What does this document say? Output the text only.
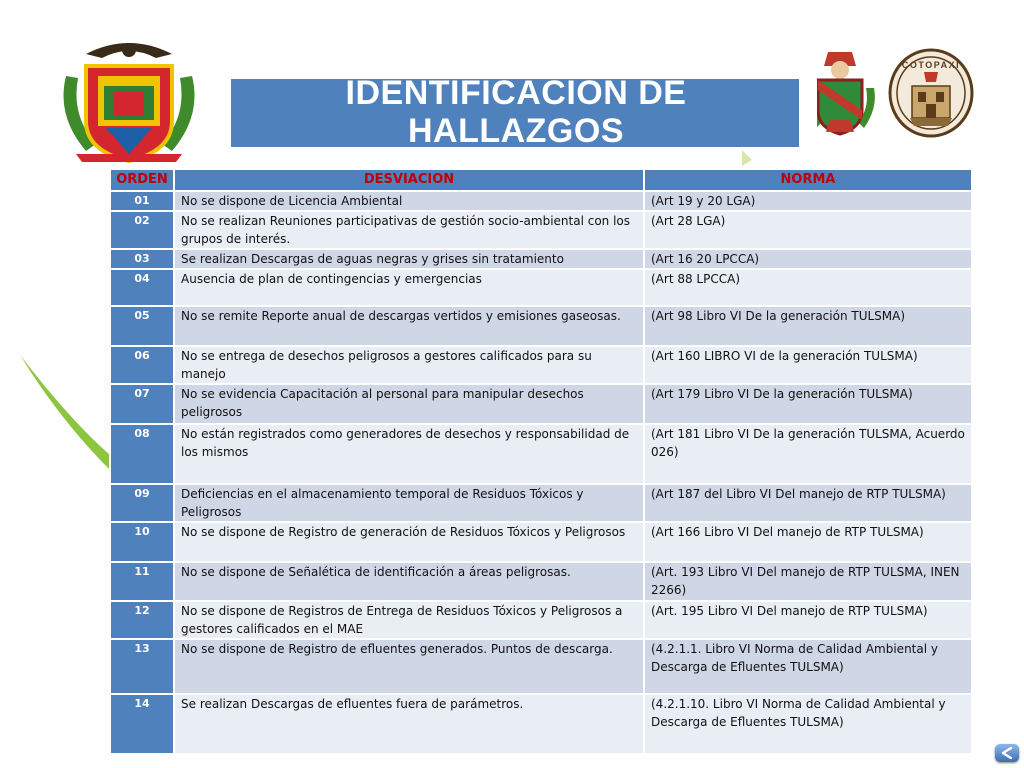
COTOPAXI
IDENTIFICACIÓN DE
HALLAZGOS
ORDEN	DESVIACION	NORMA
01	No se dispone de Licencia Ambiental	(Art 19 y 20 LGA)
02	No se realizan Reuniones participativas de gestión socio-ambiental con los grupos de interés.	(Art 28 LGA)
03	Se realizan Descargas de aguas negras y grises sin tratamiento	(Art 16 20 LPCCA)
04	Ausencia de plan de contingencias y emergencias	(Art 88 LPCCA)
05	No se remite Reporte anual de descargas vertidos y emisiones gaseosas.	(Art 98 Libro VI De la generación TULSMA)
06	No se entrega de desechos peligrosos a gestores calificados para su manejo	(Art 160 LIBRO VI de la generación TULSMA)
07	No se evidencia Capacitación al personal para manipular desechos peligrosos	(Art 179 Libro VI De la generación TULSMA)
08	No están registrados como generadores de desechos y responsabilidad de los mismos	(Art 181 Libro VI De la generación TULSMA, Acuerdo 026)
09	Deficiencias en el almacenamiento temporal de Residuos Tóxicos y Peligrosos	(Art 187 del Libro VI Del manejo de RTP TULSMA)
10	No se dispone de Registro de generación de Residuos Tóxicos y Peligrosos	(Art 166 Libro VI Del manejo de RTP TULSMA)
11	No se dispone de Señalética de identificación a áreas peligrosas.	(Art. 193 Libro VI Del manejo de RTP TULSMA, INEN 2266)
12	No se dispone de Registros de Entrega de Residuos Tóxicos y Peligrosos a gestores calificados en el MAE	(Art. 195 Libro VI Del manejo de RTP TULSMA)
13	No se dispone de Registro de efluentes generados. Puntos de descarga.	(4.2.1.1. Libro VI Norma de Calidad Ambiental y Descarga de Efluentes TULSMA)
14	Se realizan Descargas de efluentes fuera de parámetros.	(4.2.1.10. Libro VI Norma de Calidad Ambiental y Descarga de Efluentes TULSMA)
